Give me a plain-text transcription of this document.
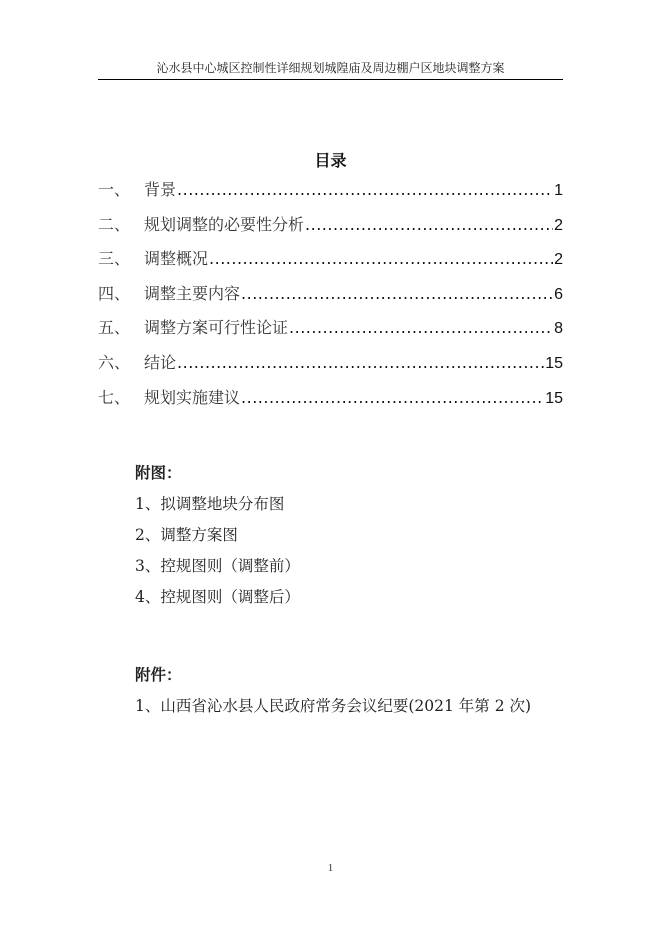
沁水县中心城区控制性详细规划城隍庙及周边棚户区地块调整方案
目录
一、 背景 .....	1
二、 规划调整的必要性分析 .....	2
三、 调整概况 .....	2
四、 调整主要内容 .....	6
五、 调整方案可行性论证 .....	8
六、 结论 .....	15
七、 规划实施建议 .....	15
附图：
1、拟调整地块分布图
2、调整方案图
3、控规图则（调整前）
4、控规图则（调整后）
附件：
1、山西省沁水县人民政府常务会议纪要(2021 年第 2 次)
1
